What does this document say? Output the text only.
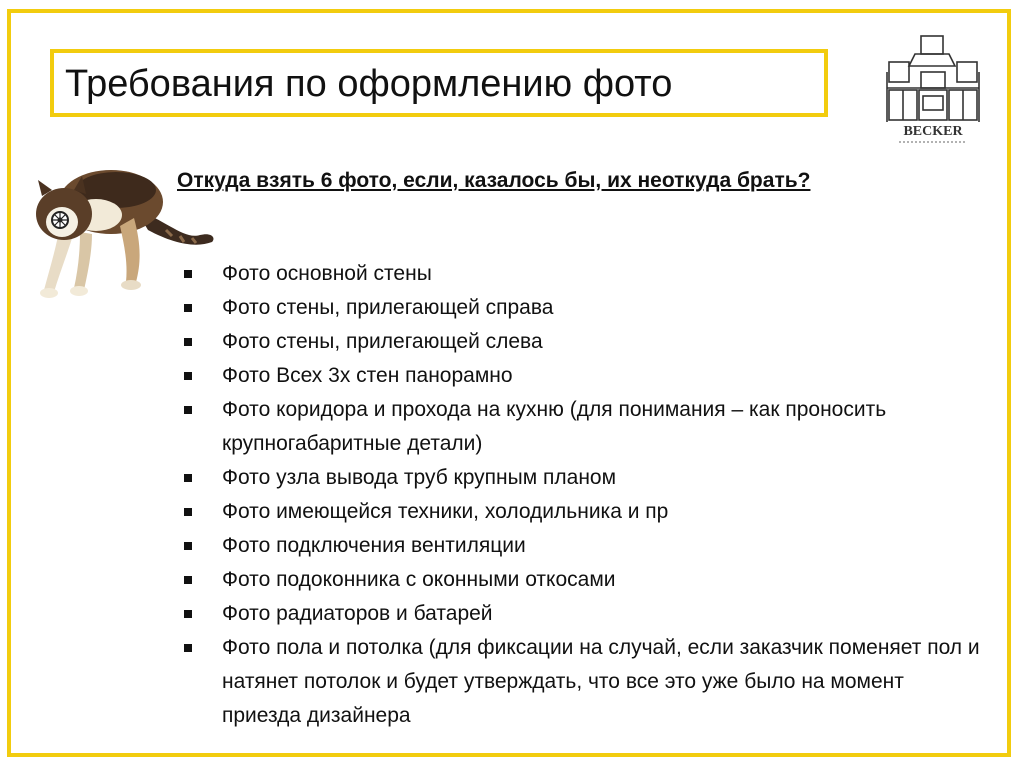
Требования по оформлению фото
BECKER
Откуда взять 6 фото, если, казалось бы, их неоткуда брать?
Фото основной стены
Фото стены, прилегающей справа
Фото стены, прилегающей слева
Фото Всех 3х стен панорамно
Фото коридора и прохода на кухню (для понимания – как проносить крупногабаритные детали)
Фото узла вывода труб крупным планом
Фото имеющейся техники, холодильника и пр
Фото подключения вентиляции
Фото подоконника с оконными откосами
Фото радиаторов и батарей
Фото пола и потолка (для фиксации на случай, если заказчик поменяет пол и натянет потолок и будет утверждать, что все это уже было на момент приезда дизайнера
